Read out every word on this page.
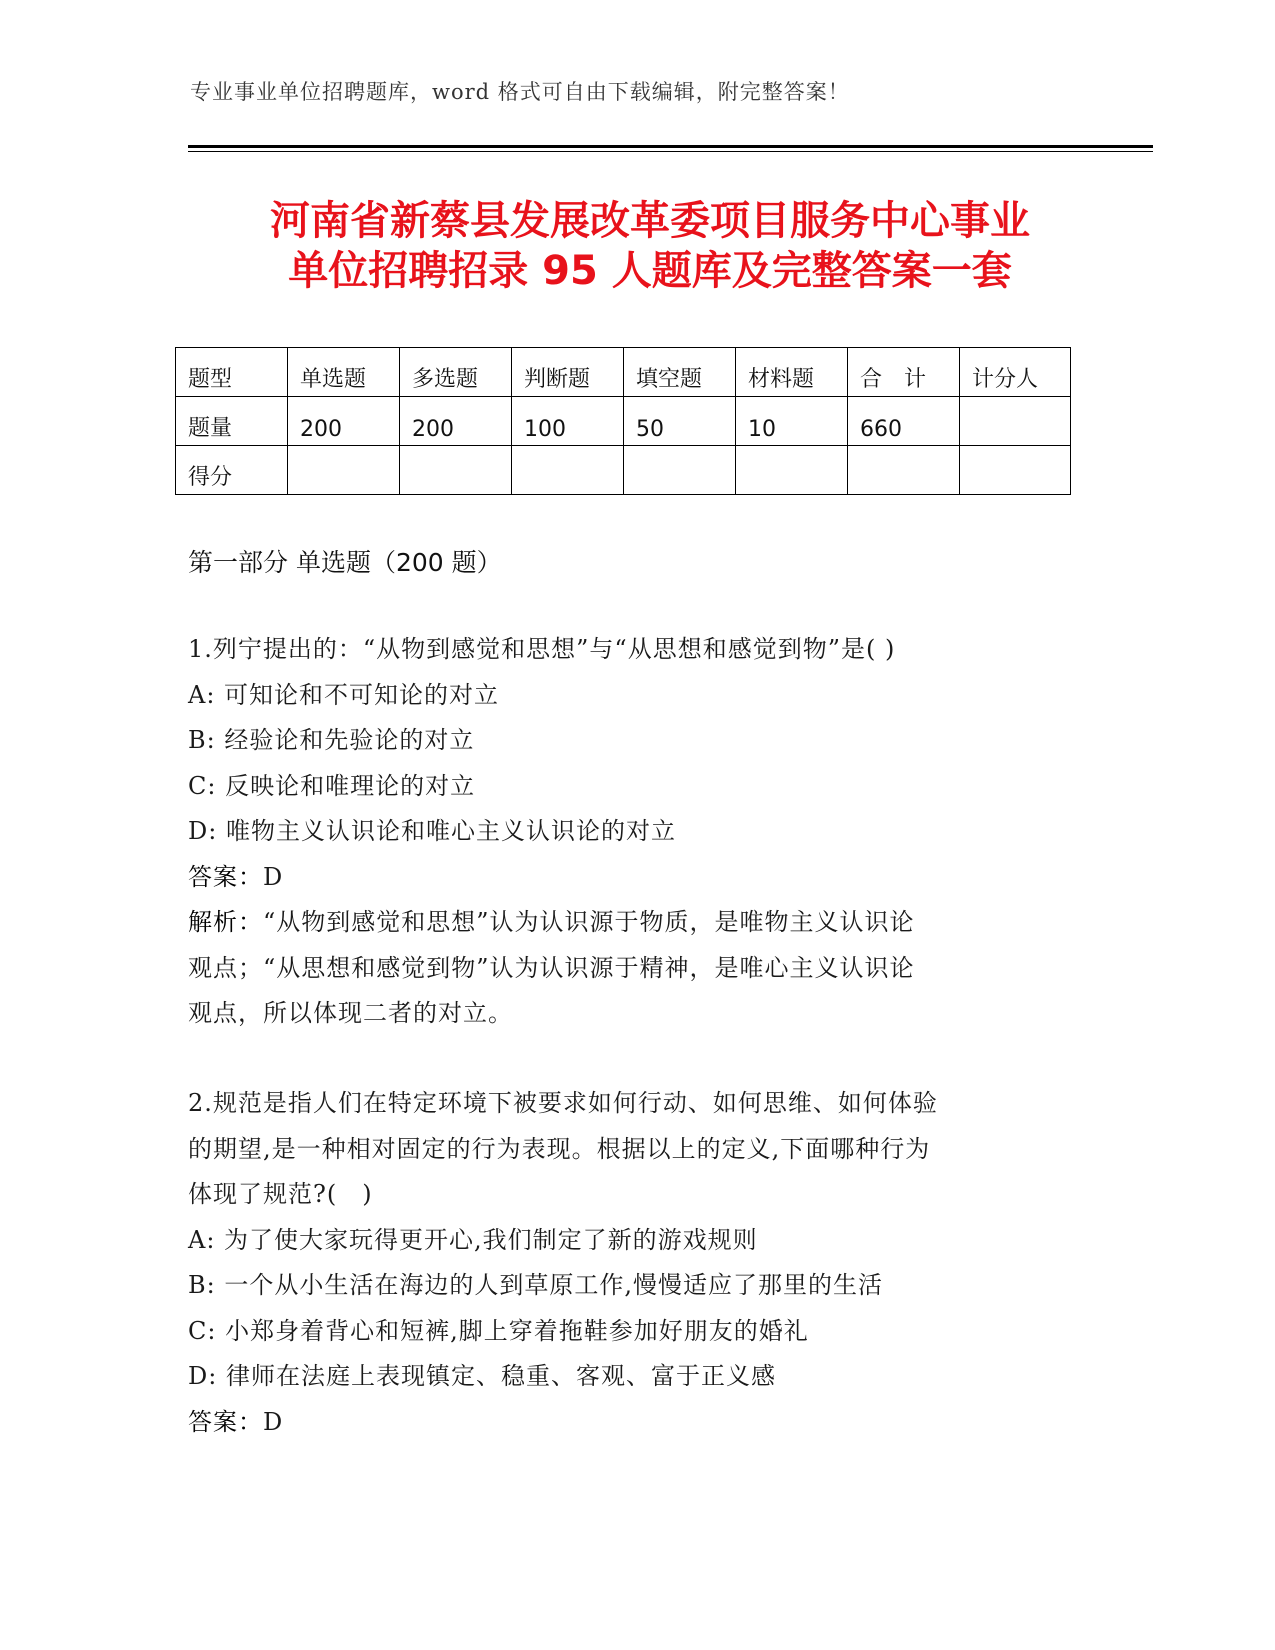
专业事业单位招聘题库，word 格式可自由下载编辑，附完整答案！
河南省新蔡县发展改革委项目服务中心事业
单位招聘招录 95 人题库及完整答案一套
题型	单选题	多选题	判断题	填空题	材料题	合　计	计分人
题量	200	200	100	50	10	660	
得分							
第一部分 单选题（200 题）
1.列宁提出的：“从物到感觉和思想”与“从思想和感觉到物”是( )
A: 可知论和不可知论的对立
B: 经验论和先验论的对立
C: 反映论和唯理论的对立
D: 唯物主义认识论和唯心主义认识论的对立
答案：D
解析：“从物到感觉和思想”认为认识源于物质，是唯物主义认识论
观点；“从思想和感觉到物”认为认识源于精神，是唯心主义认识论
观点，所以体现二者的对立。
2.规范是指人们在特定环境下被要求如何行动、如何思维、如何体验
的期望,是一种相对固定的行为表现。根据以上的定义,下面哪种行为
体现了规范?(　)
A: 为了使大家玩得更开心,我们制定了新的游戏规则
B: 一个从小生活在海边的人到草原工作,慢慢适应了那里的生活
C: 小郑身着背心和短裤,脚上穿着拖鞋参加好朋友的婚礼
D: 律师在法庭上表现镇定、稳重、客观、富于正义感
答案：D
